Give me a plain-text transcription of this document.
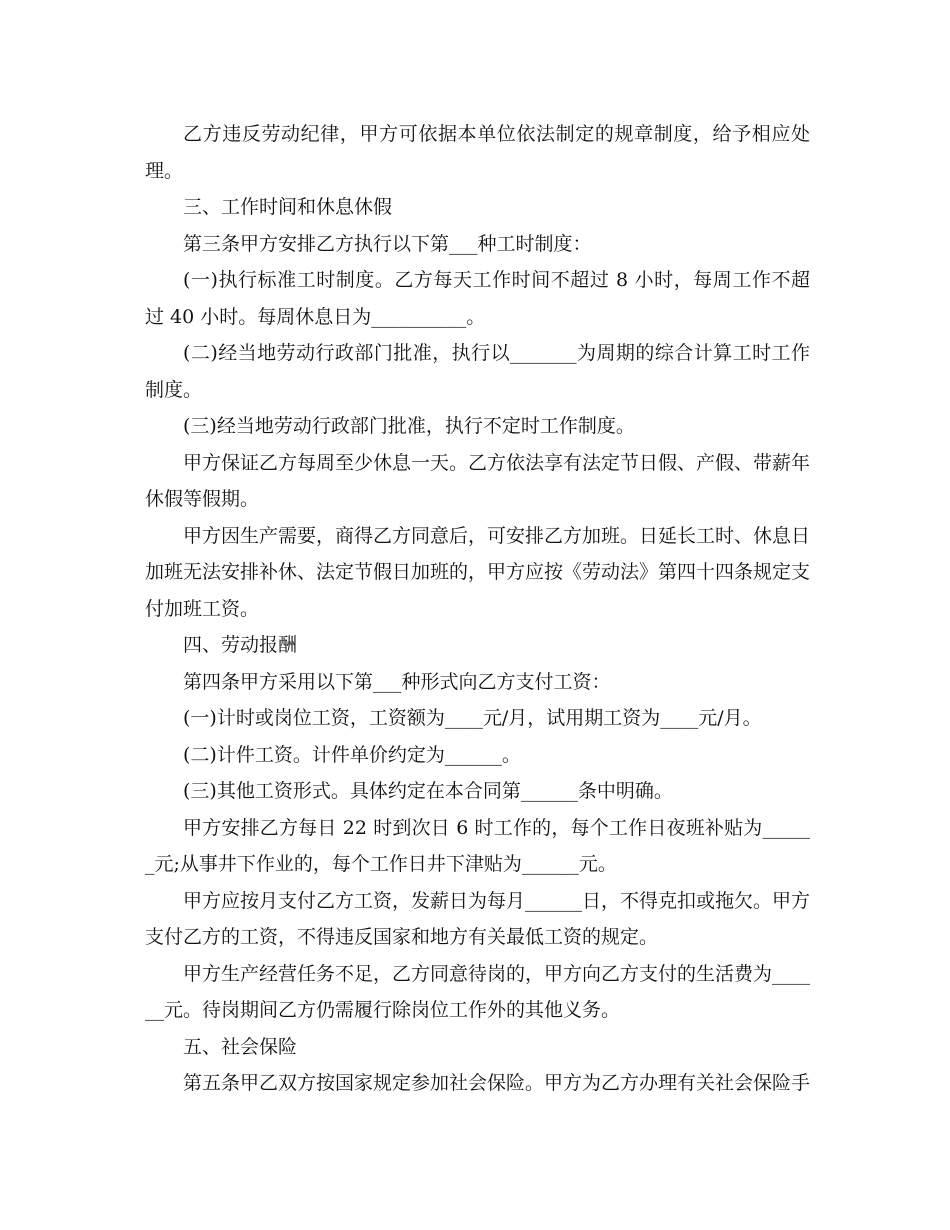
乙方违反劳动纪律，甲方可依据本单位依法制定的规章制度，给予相应处理。

三、工作时间和休息休假

第三条甲方安排乙方执行以下第___种工时制度：

(一)执行标准工时制度。乙方每天工作时间不超过 8 小时，每周工作不超过 40 小时。每周休息日为__________。

(二)经当地劳动行政部门批准，执行以_______为周期的综合计算工时工作制度。

(三)经当地劳动行政部门批准，执行不定时工作制度。

甲方保证乙方每周至少休息一天。乙方依法享有法定节日假、产假、带薪年休假等假期。

甲方因生产需要，商得乙方同意后，可安排乙方加班。日延长工时、休息日加班无法安排补休、法定节假日加班的，甲方应按《劳动法》第四十四条规定支付加班工资。

四、劳动报酬

第四条甲方采用以下第___种形式向乙方支付工资：

(一)计时或岗位工资，工资额为____元/月，试用期工资为____元/月。

(二)计件工资。计件单价约定为______。

(三)其他工资形式。具体约定在本合同第______条中明确。

甲方安排乙方每日 22 时到次日 6 时工作的，每个工作日夜班补贴为______元;从事井下作业的，每个工作日井下津贴为______元。

甲方应按月支付乙方工资，发薪日为每月______日，不得克扣或拖欠。甲方支付乙方的工资，不得违反国家和地方有关最低工资的规定。

甲方生产经营任务不足，乙方同意待岗的，甲方向乙方支付的生活费为______元。待岗期间乙方仍需履行除岗位工作外的其他义务。

五、社会保险

第五条甲乙双方按国家规定参加社会保险。甲方为乙方办理有关社会保险手
